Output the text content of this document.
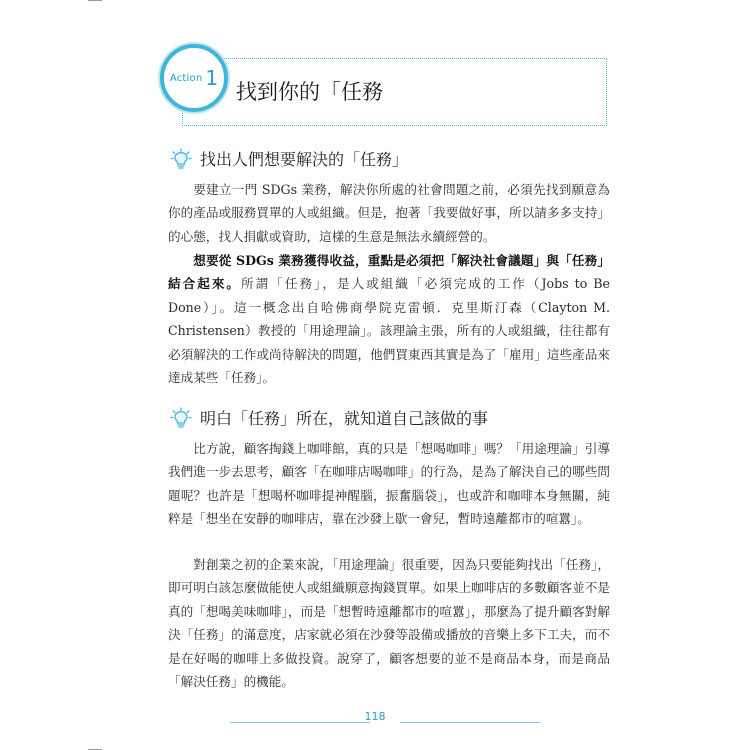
Action 1
找到你的「任務
找出人們想要解決的「任務」

要建立一門 SDGs 業務，解決你所處的社會問題之前，必須先找到願意為你的產品或服務買單的人或組織。但是，抱著「我要做好事，所以請多多支持」的心態，找人捐獻或資助，這樣的生意是無法永續經營的。

想要從 SDGs 業務獲得收益，重點是必須把「解決社會議題」與「任務」結合起來。所謂「任務」，是人或組織「必須完成的工作（Jobs to Be Done）」。這一概念出自哈佛商學院克雷頓．克里斯汀森（Clayton M. Christensen）教授的「用途理論」。該理論主張，所有的人或組織，往往都有必須解決的工作或尚待解決的問題，他們買東西其實是為了「雇用」這些產品來達成某些「任務」。

明白「任務」所在，就知道自己該做的事

比方說，顧客掏錢上咖啡館，真的只是「想喝咖啡」嗎？「用途理論」引導我們進一步去思考，顧客「在咖啡店喝咖啡」的行為，是為了解決自己的哪些問題呢？也許是「想喝杯咖啡提神醒腦，振奮腦袋」，也或許和咖啡本身無關，純粹是「想坐在安靜的咖啡店，靠在沙發上歇一會兒，暫時遠離都市的喧囂」。

對創業之初的企業來說，「用途理論」很重要，因為只要能夠找出「任務」，即可明白該怎麼做能使人或組織願意掏錢買單。如果上咖啡店的多數顧客並不是真的「想喝美味咖啡」，而是「想暫時遠離都市的喧囂」，那麼為了提升顧客對解決「任務」的滿意度，店家就必須在沙發等設備或播放的音樂上多下工夫，而不是在好喝的咖啡上多做投資。說穿了，顧客想要的並不是商品本身，而是商品「解決任務」的機能。

118
